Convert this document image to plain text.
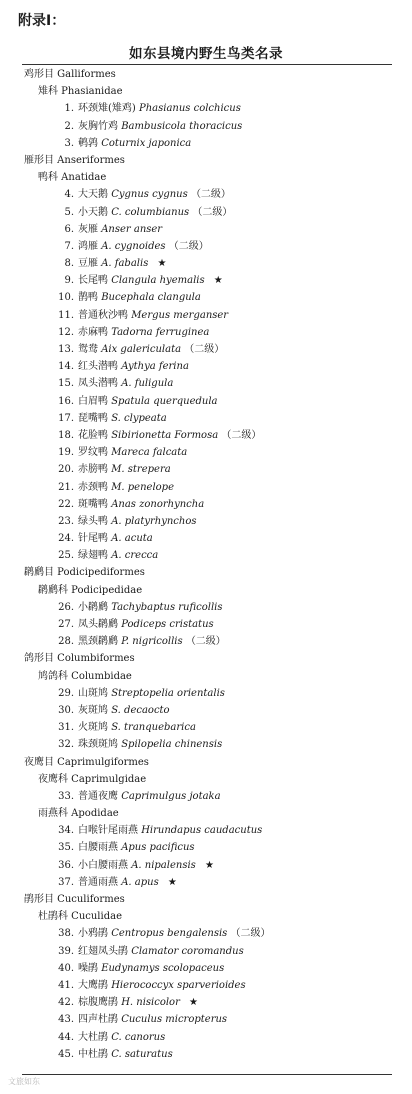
附录Ⅰ：
如东县境内野生鸟类名录
鸡形目 Galliformes
雉科 Phasianidae
1. 环颈雉(雉鸡) Phasianus colchicus
2. 灰胸竹鸡 Bambusicola thoracicus
3. 鹌鹑 Coturnix japonica
雁形目 Anseriformes
鸭科 Anatidae
4. 大天鹅 Cygnus cygnus （二级）
5. 小天鹅 C. columbianus （二级）
6. 灰雁 Anser anser
7. 鸿雁 A. cygnoides （二级）
8. 豆雁 A. fabalis ★
9. 长尾鸭 Clangula hyemalis ★
10. 鹊鸭 Bucephala clangula
11. 普通秋沙鸭 Mergus merganser
12. 赤麻鸭 Tadorna ferruginea
13. 鸳鸯 Aix galericulata （二级）
14. 红头潜鸭 Aythya ferina
15. 凤头潜鸭 A. fuligula
16. 白眉鸭 Spatula querquedula
17. 琵嘴鸭 S. clypeata
18. 花脸鸭 Sibirionetta Formosa （二级）
19. 罗纹鸭 Mareca falcata
20. 赤膀鸭 M. strepera
21. 赤颈鸭 M. penelope
22. 斑嘴鸭 Anas zonorhyncha
23. 绿头鸭 A. platyrhynchos
24. 针尾鸭 A. acuta
25. 绿翅鸭 A. crecca
䴙䴘目 Podicipediformes
䴙䴘科 Podicipedidae
26. 小䴙䴘 Tachybaptus ruficollis
27. 凤头䴙䴘 Podiceps cristatus
28. 黑颈䴙䴘 P. nigricollis （二级）
鸽形目 Columbiformes
鸠鸽科 Columbidae
29. 山斑鸠 Streptopelia orientalis
30. 灰斑鸠 S. decaocto
31. 火斑鸠 S. tranquebarica
32. 珠颈斑鸠 Spilopelia chinensis
夜鹰目 Caprimulgiformes
夜鹰科 Caprimulgidae
33. 普通夜鹰 Caprimulgus jotaka
雨燕科 Apodidae
34. 白喉针尾雨燕 Hirundapus caudacutus
35. 白腰雨燕 Apus pacificus
36. 小白腰雨燕 A. nipalensis ★
37. 普通雨燕 A. apus ★
鹃形目 Cuculiformes
杜鹃科 Cuculidae
38. 小鸦鹃 Centropus bengalensis （二级）
39. 红翅凤头鹃 Clamator coromandus
40. 噪鹃 Eudynamys scolopaceus
41. 大鹰鹃 Hierococcyx sparverioides
42. 棕腹鹰鹃 H. nisicolor ★
43. 四声杜鹃 Cuculus micropterus
44. 大杜鹃 C. canorus
45. 中杜鹃 C. saturatus
文旅如东
